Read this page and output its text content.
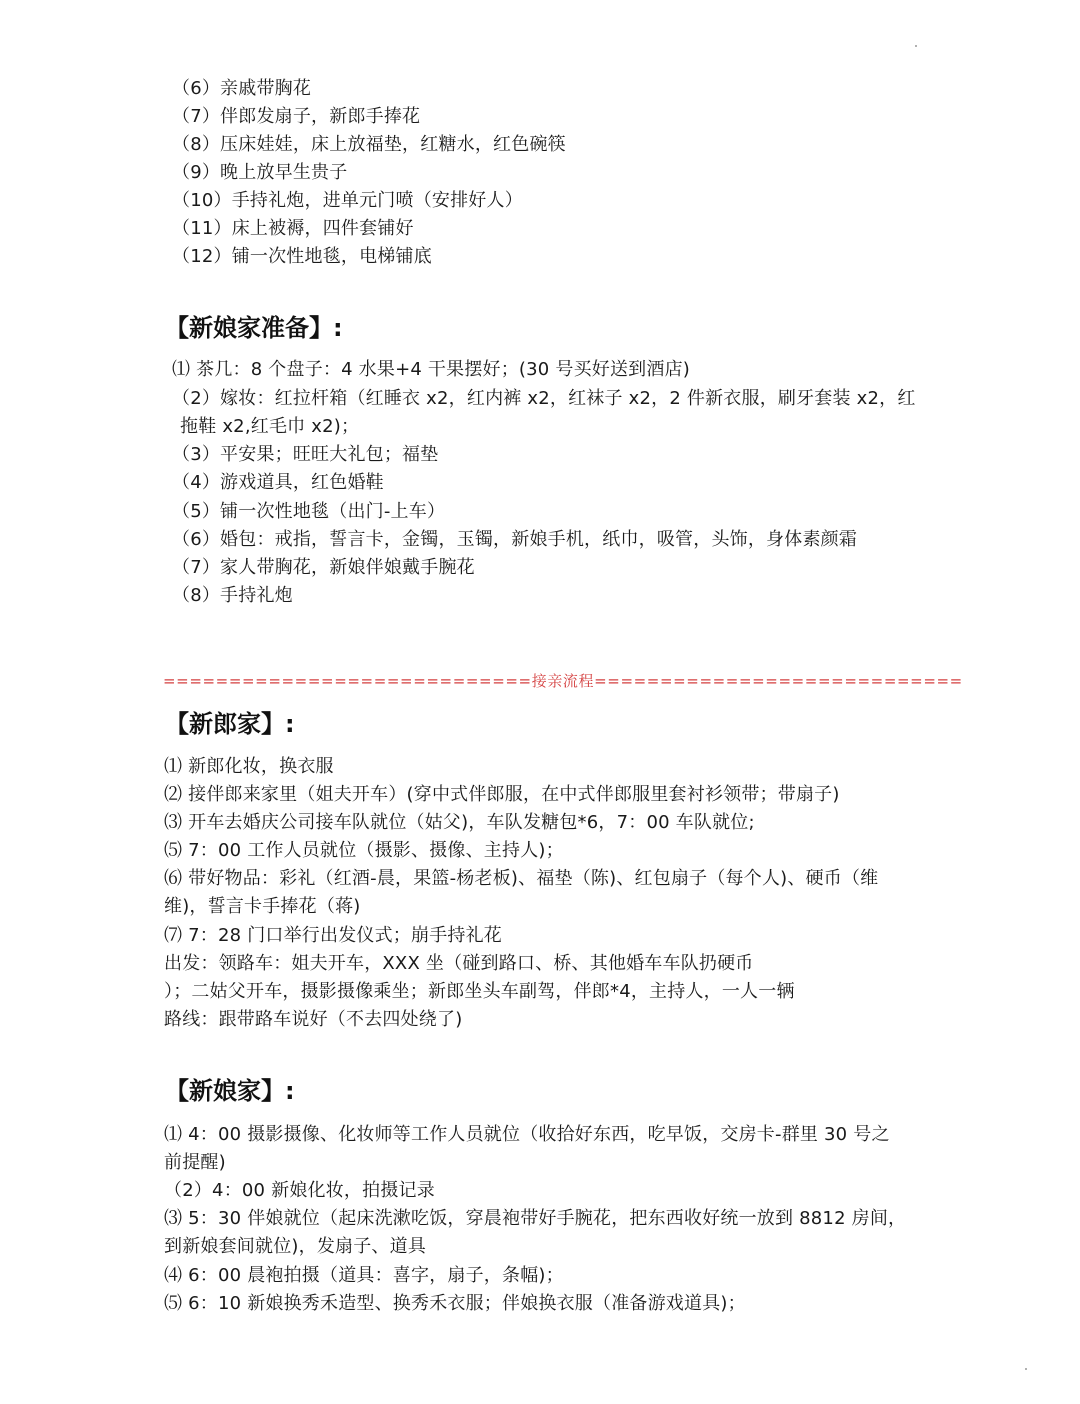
（6）亲戚带胸花
（7）伴郎发扇子，新郎手捧花
（8）压床娃娃，床上放福垫，红糖水，红色碗筷
（9）晚上放早生贵子
（10）手持礼炮，进单元门喷（安排好人）
（11）床上被褥，四件套铺好
（12）铺一次性地毯，电梯铺底
【新娘家准备】:
⑴ 茶几：8 个盘子：4 水果+4 干果摆好；(30 号买好送到酒店)
（2）嫁妆：红拉杆箱（红睡衣 x2，红内裤 x2，红袜子 x2，2 件新衣服，刷牙套装 x2，红
拖鞋 x2,红毛巾 x2)；
（3）平安果；旺旺大礼包；福垫
（4）游戏道具，红色婚鞋
（5）铺一次性地毯（出门-上车）
（6）婚包：戒指，誓言卡，金镯，玉镯，新娘手机，纸巾，吸管，头饰，身体素颜霜
（7）家人带胸花，新娘伴娘戴手腕花
（8）手持礼炮
============================接亲流程============================
【新郎家】:
⑴ 新郎化妆，换衣服
⑵ 接伴郎来家里（姐夫开车）(穿中式伴郎服，在中式伴郎服里套衬衫领带；带扇子)
⑶ 开车去婚庆公司接车队就位（姑父)，车队发糖包*6，7：00 车队就位;
⑸ 7：00 工作人员就位（摄影、摄像、主持人)；
⑹ 带好物品：彩礼（红酒-晨，果篮-杨老板)、福垫（陈)、红包扇子（每个人)、硬币（维
维)，誓言卡手捧花（蒋)
⑺ 7：28 门口举行出发仪式；崩手持礼花
出发：领路车：姐夫开车，XXX 坐（碰到路口、桥、其他婚车车队扔硬币
）；二姑父开车，摄影摄像乘坐；新郎坐头车副驾，伴郎*4，主持人，一人一辆
路线：跟带路车说好（不去四处绕了)
【新娘家】:
⑴ 4：00 摄影摄像、化妆师等工作人员就位（收拾好东西，吃早饭，交房卡-群里 30 号之
前提醒)
（2）4：00 新娘化妆，拍摄记录
⑶ 5：30 伴娘就位（起床洗漱吃饭，穿晨袍带好手腕花，把东西收好统一放到 8812 房间，
到新娘套间就位)，发扇子、道具
⑷ 6：00 晨袍拍摄（道具：喜字，扇子，条幅)；
⑸ 6：10 新娘换秀禾造型、换秀禾衣服；伴娘换衣服（准备游戏道具)；
